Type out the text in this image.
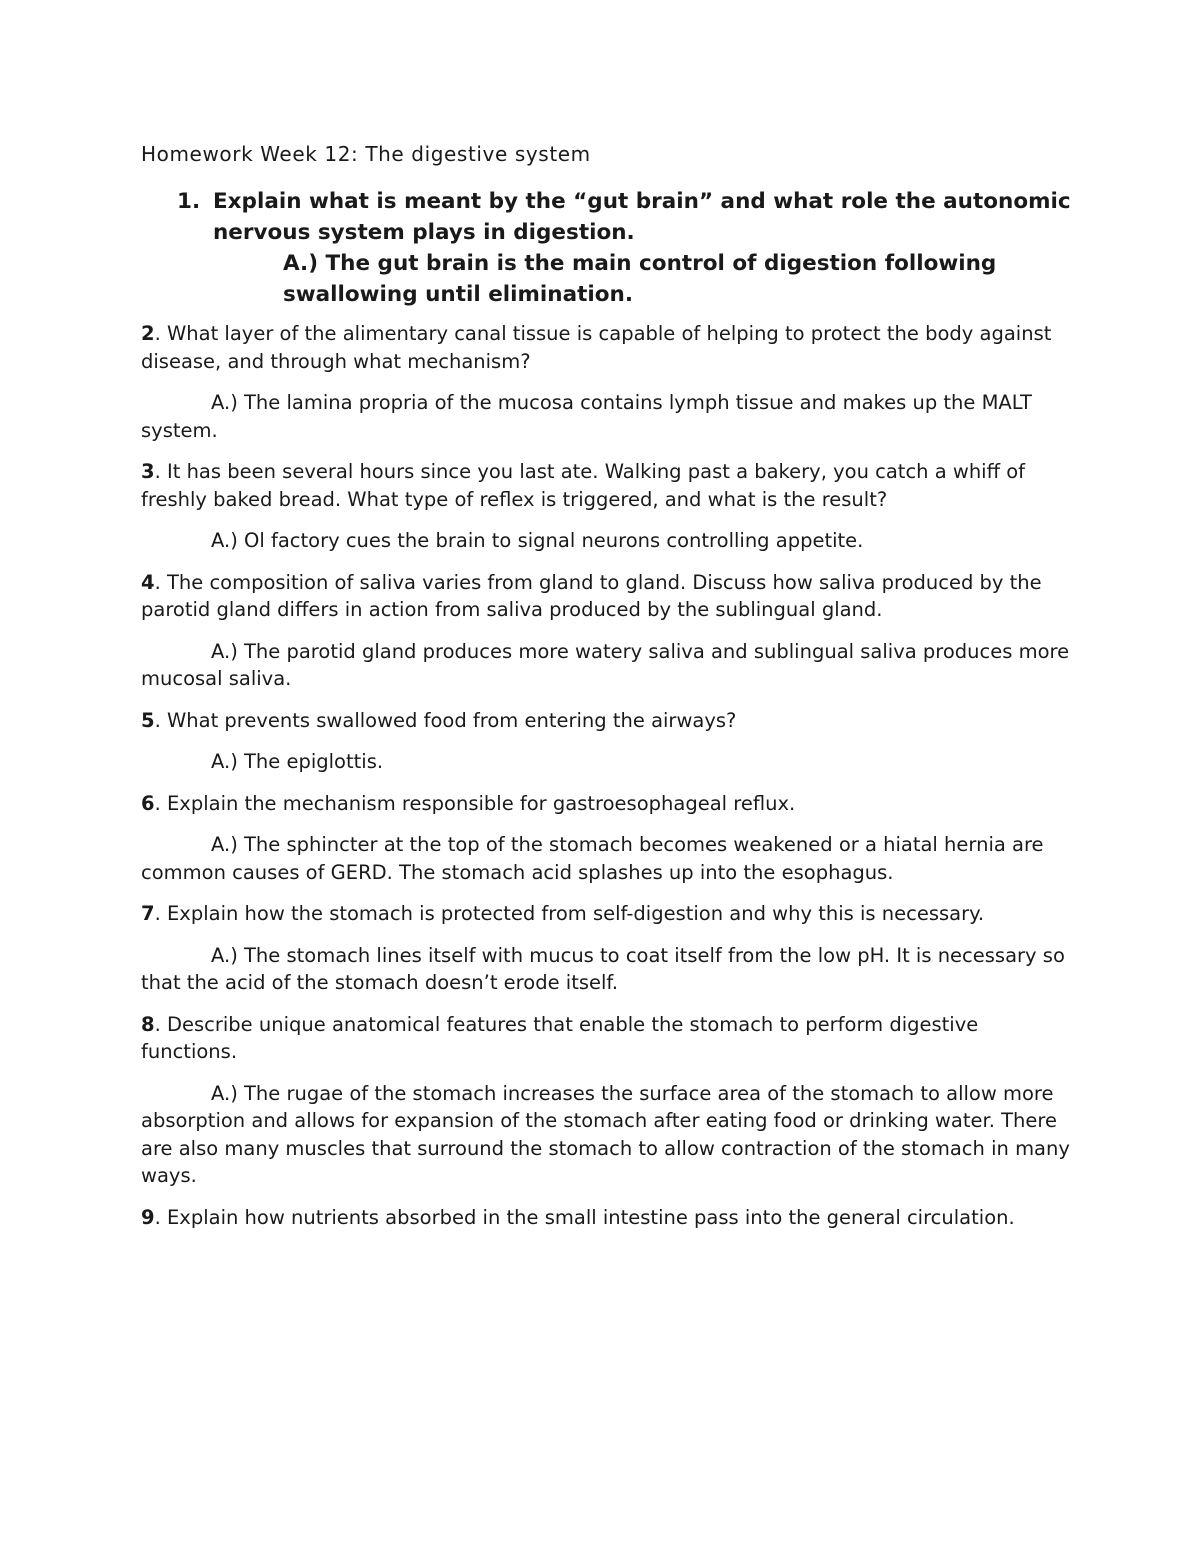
Homework Week 12: The digestive system
1. Explain what is meant by the “gut brain” and what role the autonomic nervous system plays in digestion.
A.) The gut brain is the main control of digestion following swallowing until elimination.

2. What layer of the alimentary canal tissue is capable of helping to protect the body against disease, and through what mechanism?

A.) The lamina propria of the mucosa contains lymph tissue and makes up the MALT system.

3. It has been several hours since you last ate. Walking past a bakery, you catch a whiff of freshly baked bread. What type of reflex is triggered, and what is the result?

A.) Ol factory cues the brain to signal neurons controlling appetite.

4. The composition of saliva varies from gland to gland. Discuss how saliva produced by the parotid gland differs in action from saliva produced by the sublingual gland.

A.) The parotid gland produces more watery saliva and sublingual saliva produces more mucosal saliva.

5. What prevents swallowed food from entering the airways?

A.) The epiglottis.

6. Explain the mechanism responsible for gastroesophageal reflux.

A.) The sphincter at the top of the stomach becomes weakened or a hiatal hernia are common causes of GERD. The stomach acid splashes up into the esophagus.

7. Explain how the stomach is protected from self-digestion and why this is necessary.

A.) The stomach lines itself with mucus to coat itself from the low pH. It is necessary so that the acid of the stomach doesn’t erode itself.

8. Describe unique anatomical features that enable the stomach to perform digestive functions.

A.) The rugae of the stomach increases the surface area of the stomach to allow more absorption and allows for expansion of the stomach after eating food or drinking water. There are also many muscles that surround the stomach to allow contraction of the stomach in many ways.

9. Explain how nutrients absorbed in the small intestine pass into the general circulation.
